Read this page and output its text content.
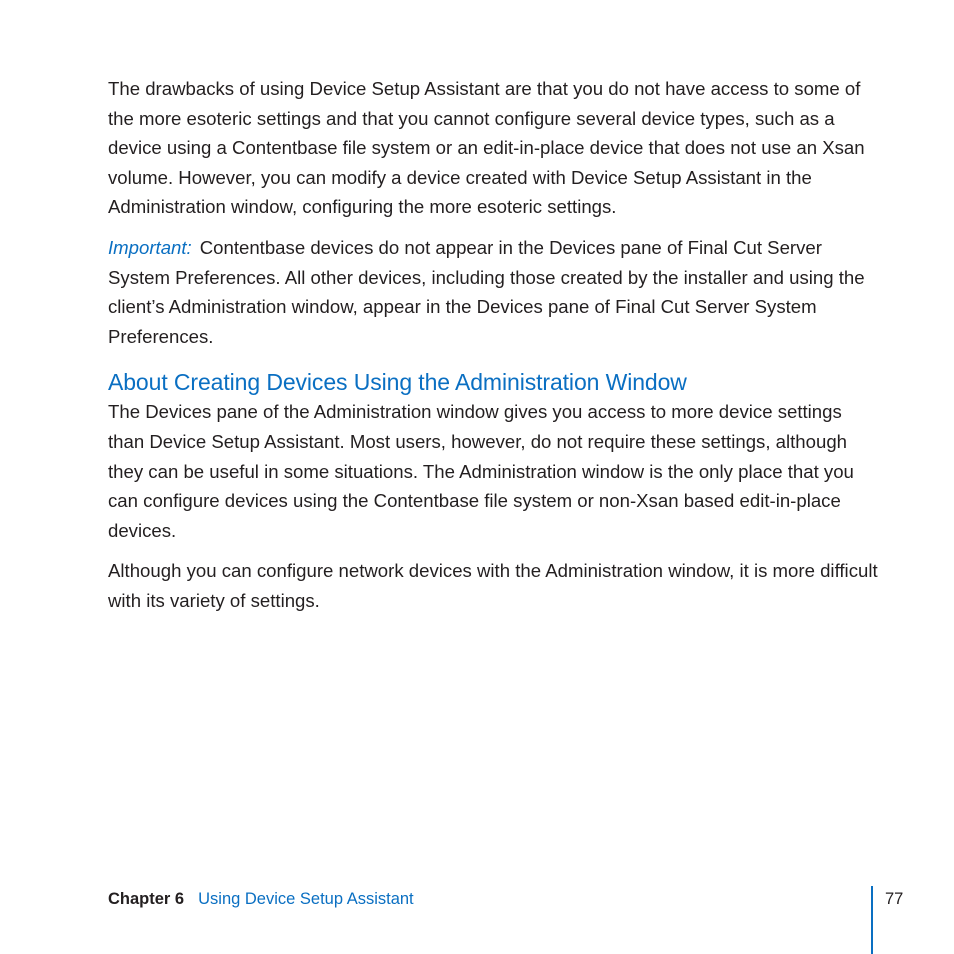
The drawbacks of using Device Setup Assistant are that you do not have access to some of the more esoteric settings and that you cannot configure several device types, such as a device using a Contentbase file system or an edit-in-place device that does not use an Xsan volume. However, you can modify a device created with Device Setup Assistant in the Administration window, configuring the more esoteric settings.

Important: Contentbase devices do not appear in the Devices pane of Final Cut Server System Preferences. All other devices, including those created by the installer and using the client’s Administration window, appear in the Devices pane of Final Cut Server System Preferences.

About Creating Devices Using the Administration Window

The Devices pane of the Administration window gives you access to more device settings than Device Setup Assistant. Most users, however, do not require these settings, although they can be useful in some situations. The Administration window is the only place that you can configure devices using the Contentbase file system or non-Xsan based edit-in-place devices.

Although you can configure network devices with the Administration window, it is more difficult with its variety of settings.

Chapter 6 Using Device Setup Assistant	77
